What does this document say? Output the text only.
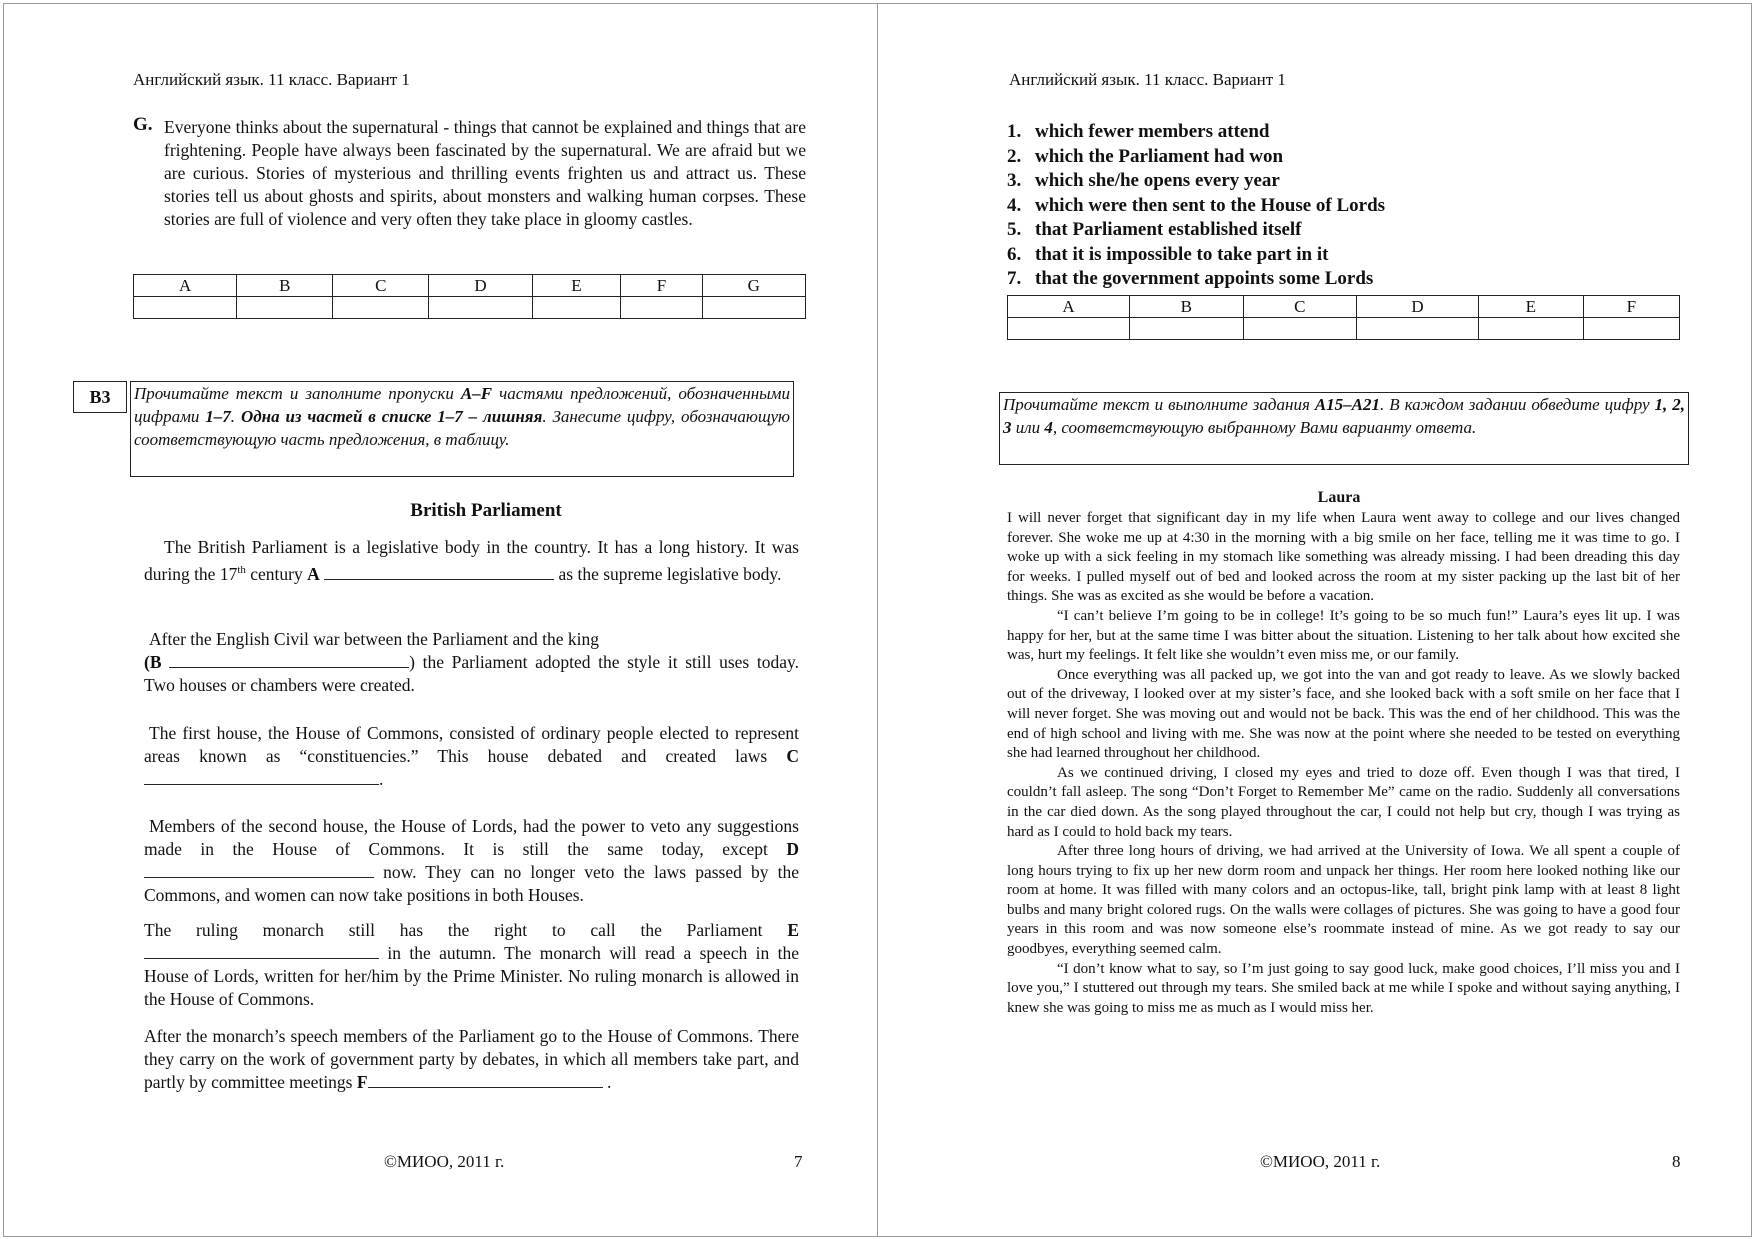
Английский язык. 11 класс. Вариант 1
G. Everyone thinks about the supernatural - things that cannot be explained and things that are frightening. People have always been fascinated by the supernatural. We are afraid but we are curious. Stories of mysterious and thrilling events frighten us and attract us. These stories tell us about ghosts and spirits, about monsters and walking human corpses. These stories are full of violence and very often they take place in gloomy castles.
A	B	C	D	E	F	G

B3	Прочитайте текст и заполните пропуски A–F частями предложений, обозначенными цифрами 1–7. Одна из частей в списке 1–7 – лишняя. Занесите цифру, обозначающую соответствующую часть предложения, в таблицу.
British Parliament
The British Parliament is a legislative body in the country. It has a long history. It was during the 17th century A	as the supreme legislative body.
After the English Civil war between the Parliament and the king
(B	) the Parliament adopted the style it still uses today. Two houses or chambers were created.
The first house, the House of Commons, consisted of ordinary people elected to represent areas known as “constituencies.” This house debated and created laws C .
Members of the second house, the House of Lords, had the power to veto any suggestions made in the House of Commons. It is still the same today, except D  now. They can no longer veto the laws passed by the Commons, and women can now take positions in both Houses.
The ruling monarch still has the right to call the Parliament E  in the autumn. The monarch will read a speech in the House of Lords, written for her/him by the Prime Minister. No ruling monarch is allowed in the House of Commons.
After the monarch’s speech members of the Parliament go to the House of Commons. There they carry on the work of government party by debates, in which all members take part, and partly by committee meetings F	.
©МИОО, 2011 г.	7
Английский язык. 11 класс. Вариант 1
1. which fewer members attend
2. which the Parliament had won
3. which she/he opens every year
4. which were then sent to the House of Lords
5. that Parliament established itself
6. that it is impossible to take part in it
7. that the government appoints some Lords
A	B	C	D	E	F

Прочитайте текст и выполните задания A15–A21. В каждом задании обведите цифру 1, 2, 3 или 4, соответствующую выбранному Вами варианту ответа.
Laura

I will never forget that significant day in my life when Laura went away to college and our lives changed forever. She woke me up at 4:30 in the morning with a big smile on her face, telling me it was time to go. I woke up with a sick feeling in my stomach like something was already missing. I had been dreading this day for weeks. I pulled myself out of bed and looked across the room at my sister packing up the last bit of her things. She was as excited as she would be before a vacation.

“I can’t believe I’m going to be in college! It’s going to be so much fun!” Laura’s eyes lit up. I was happy for her, but at the same time I was bitter about the situation. Listening to her talk about how excited she was, hurt my feelings. It felt like she wouldn’t even miss me, or our family.

Once everything was all packed up, we got into the van and got ready to leave. As we slowly backed out of the driveway, I looked over at my sister’s face, and she looked back with a soft smile on her face that I will never forget. She was moving out and would not be back. This was the end of her childhood. This was the end of high school and living with me. She was now at the point where she needed to be tested on everything she had learned throughout her childhood.

As we continued driving, I closed my eyes and tried to doze off. Even though I was that tired, I couldn’t fall asleep. The song “Don’t Forget to Remember Me” came on the radio. Suddenly all conversations in the car died down. As the song played throughout the car, I could not help but cry, though I was trying as hard as I could to hold back my tears.

After three long hours of driving, we had arrived at the University of Iowa. We all spent a couple of long hours trying to fix up her new dorm room and unpack her things. Her room here looked nothing like our room at home. It was filled with many colors and an octopus-like, tall, bright pink lamp with at least 8 light bulbs and many bright colored rugs. On the walls were collages of pictures. She was going to have a good four years in this room and was now someone else’s roommate instead of mine. As we got ready to say our goodbyes, everything seemed calm.

“I don’t know what to say, so I’m just going to say good luck, make good choices, I’ll miss you and I love you,” I stuttered out through my tears. She smiled back at me while I spoke and without saying anything, I knew she was going to miss me as much as I would miss her.

©МИОО, 2011 г.	8
